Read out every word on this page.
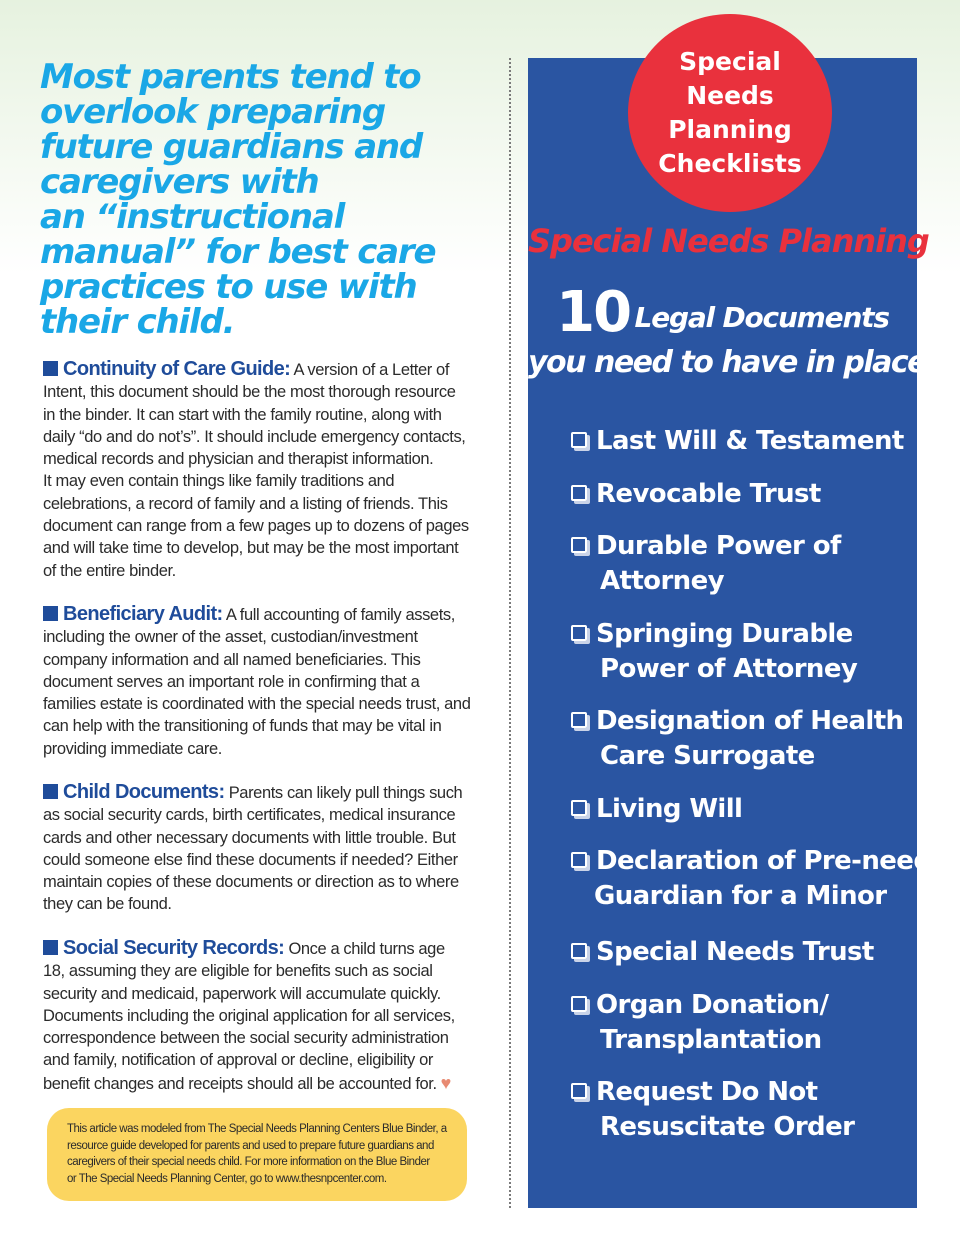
Most parents tend to
overlook preparing
future guardians and
caregivers with
an “instructional
manual” for best care
practices to use with
their child.
Continuity of Care Guide: A version of a Letter of
Intent, this document should be the most thorough resource
in the binder. It can start with the family routine, along with
daily “do and do not’s”. It should include emergency contacts,
medical records and physician and therapist information.
It may even contain things like family traditions and
celebrations, a record of family and a listing of friends. This
document can range from a few pages up to dozens of pages
and will take time to develop, but may be the most important
of the entire binder.
Beneficiary Audit: A full accounting of family assets,
including the owner of the asset, custodian/investment
company information and all named beneficiaries. This
document serves an important role in confirming that a
families estate is coordinated with the special needs trust, and
can help with the transitioning of funds that may be vital in
providing immediate care.
Child Documents: Parents can likely pull things such
as social security cards, birth certificates, medical insurance
cards and other necessary documents with little trouble. But
could someone else find these documents if needed? Either
maintain copies of these documents or direction as to where
they can be found.
Social Security Records: Once a child turns age
18, assuming they are eligible for benefits such as social
security and medicaid, paperwork will accumulate quickly.
Documents including the original application for all services,
correspondence between the social security administration
and family, notification of approval or decline, eligibility or
benefit changes and receipts should all be accounted for. ♥
This article was modeled from The Special Needs Planning Centers Blue Binder, a
resource guide developed for parents and used to prepare future guardians and
caregivers of their special needs child. For more information on the Blue Binder
or The Special Needs Planning Center, go to www.thesnpcenter.com.
Special
Needs
Planning
Checklists
Special Needs Planning
10 Legal Documents
you need to have in place?
Last Will & Testament
Revocable Trust
Durable Power of
Attorney
Springing Durable
Power of Attorney
Designation of Health
Care Surrogate
Living Will
Declaration of Pre-need
Guardian for a Minor
Special Needs Trust
Organ Donation/
Transplantation
Request Do Not
Resuscitate Order
